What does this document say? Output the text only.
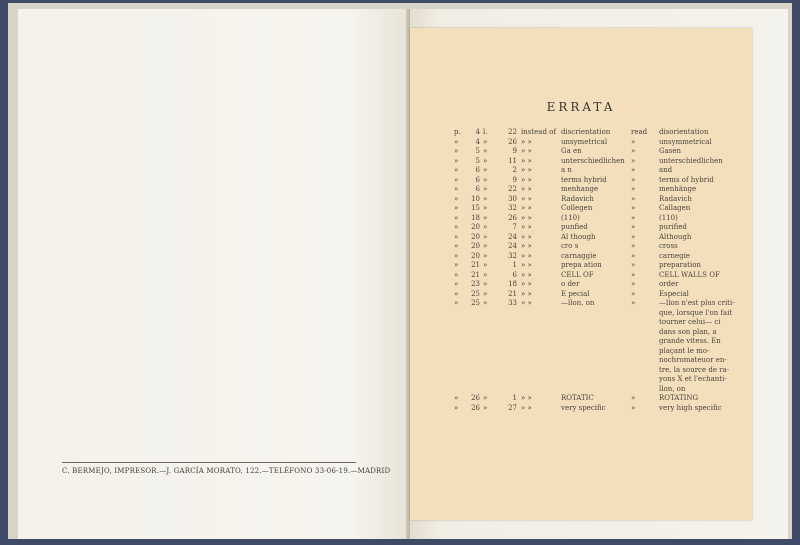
C. BERMEJO, IMPRESOR.—J. GARCÍA MORATO, 122.—TELÉFONO 33-06-19.—MADRID
ERRATA
p.	4	l.	22	instead of	discrientation	read	disorientation
»	4	»	26	» »	unsymetrical	»	unsymmetrical
»	5	»	9	» »	Ga en	»	Gasen
»	5	»	11	» »	unterschiedlichen	»	unterschiedlichen
»	6	»	2	» »	a n	»	and
»	6	»	9	» »	terms hybrid	»	terms of hybrid
»	6	»	22	» »	menhange	»	menhänge
»	10	»	30	» »	Radavich	»	Radavich
»	15	»	32	» »	Collegen	»	Callagen
»	18	»	26	» »	(110)	»	(110)
»	20	»	7	» »	punfied	»	purified
»	20	»	24	» »	Al though	»	Although
»	20	»	24	» »	cro s	»	cross
»	20	»	32	» »	carnaggie	»	carnegie
»	21	»	1	» »	prepa ation	»	preparation
»	21	»	6	» »	CELL OF	»	CELL WALLS OF
»	23	»	18	» »	o der	»	order
»	25	»	21	» »	E pecial	»	Especial
»	25	»	33	» »	—llon, on	»	—llon n'est plus criti-que, lorsque l'on fait tourner celui— ci dans son plan, a grande vitess. En plaçant le mo-nochromateuor en-tre, la source de ra-yons X et l'echanti-llon, on
»	26	»	1	» »	ROTATIC	»	ROTATING
»	26	»	27	» »	very specific	»	very high specific
